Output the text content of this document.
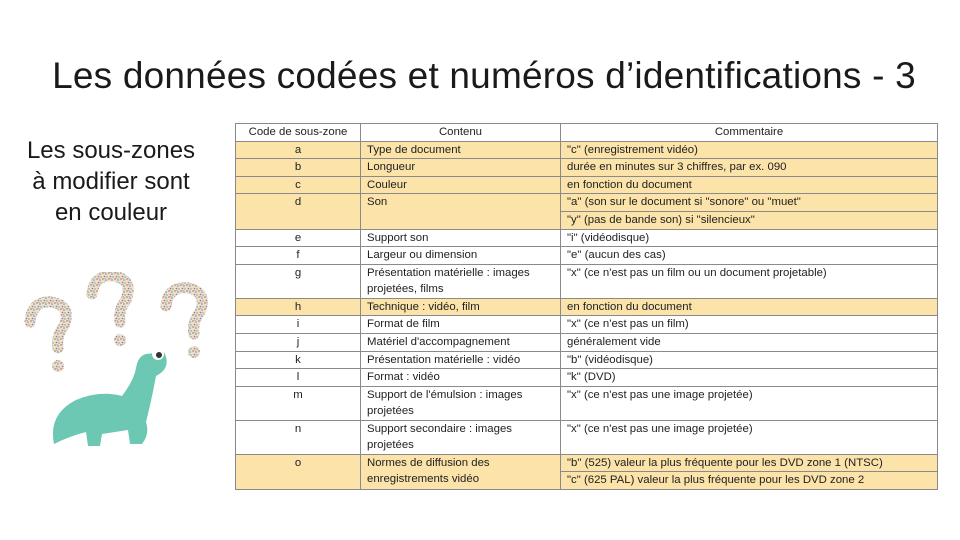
Les données codées et numéros d’identifications - 3
Les sous-zones
à modifier sont
en couleur
Code de sous-zone	Contenu	Commentaire
a	Type de document	"c" (enregistrement vidéo)
b	Longueur	durée en minutes sur 3 chiffres, par ex. 090
c	Couleur	en fonction du document
d	Son	"a" (son sur le document si "sonore" ou "muet"
		"y" (pas de bande son) si "silencieux"
e	Support son	"i" (vidéodisque)
f	Largeur ou dimension	"e" (aucun des cas)
g	Présentation matérielle : images projetées, films	"x" (ce n'est pas un film ou un document projetable)
h	Technique : vidéo, film	en fonction du document
i	Format de film	"x" (ce n'est pas un film)
j	Matériel d'accompagnement	généralement vide
k	Présentation matérielle : vidéo	"b" (vidéodisque)
l	Format : vidéo	"k" (DVD)
m	Support de l'émulsion : images projetées	"x" (ce n'est pas une image projetée)
n	Support secondaire : images projetées	"x" (ce n'est pas une image projetée)
o	Normes de diffusion des enregistrements vidéo	"b" (525) valeur la plus fréquente pour les DVD zone 1 (NTSC)
		"c" (625 PAL) valeur la plus fréquente pour les DVD zone 2
